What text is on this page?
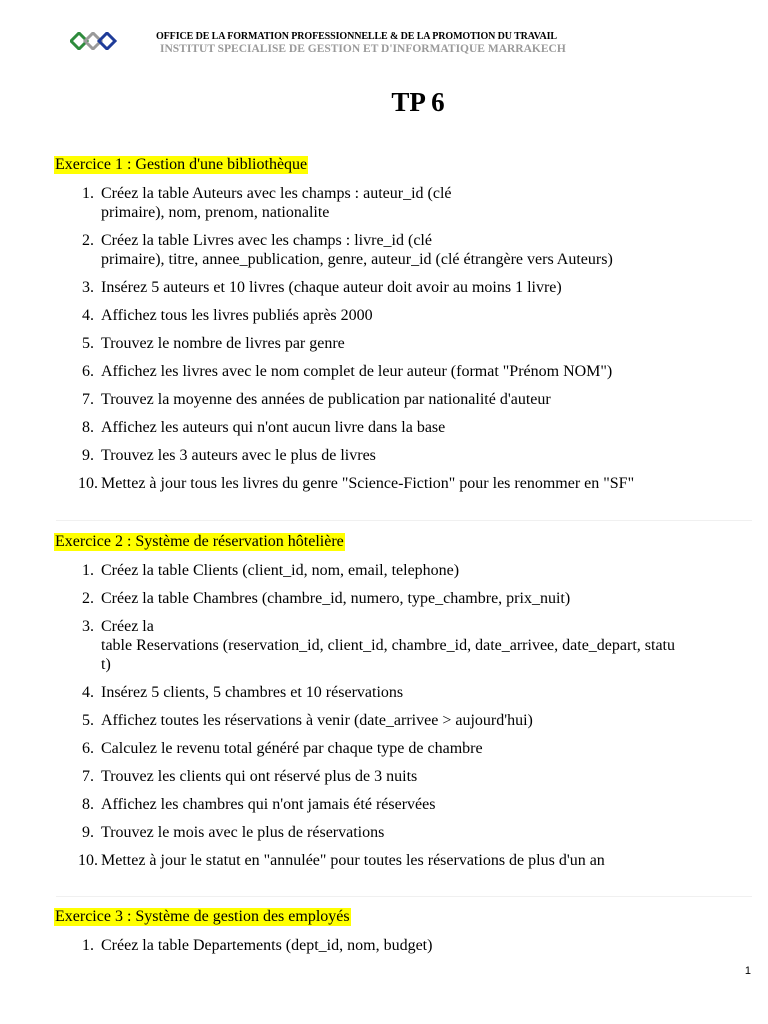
OFFICE DE LA FORMATION PROFESSIONNELLE & DE LA PROMOTION DU TRAVAIL
INSTITUT SPECIALISE DE GESTION ET D'INFORMATIQUE MARRAKECH
TP 6
Exercice 1 : Gestion d'une bibliothèque
1. Créez la table Auteurs avec les champs : auteur_id (clé
primaire), nom, prenom, nationalite
2. Créez la table Livres avec les champs : livre_id (clé
primaire), titre, annee_publication, genre, auteur_id (clé étrangère vers Auteurs)
3. Insérez 5 auteurs et 10 livres (chaque auteur doit avoir au moins 1 livre)
4. Affichez tous les livres publiés après 2000
5. Trouvez le nombre de livres par genre
6. Affichez les livres avec le nom complet de leur auteur (format "Prénom NOM")
7. Trouvez la moyenne des années de publication par nationalité d'auteur
8. Affichez les auteurs qui n'ont aucun livre dans la base
9. Trouvez les 3 auteurs avec le plus de livres
10. Mettez à jour tous les livres du genre "Science-Fiction" pour les renommer en "SF"
Exercice 2 : Système de réservation hôtelière
1. Créez la table Clients (client_id, nom, email, telephone)
2. Créez la table Chambres (chambre_id, numero, type_chambre, prix_nuit)
3. Créez la
table Reservations (reservation_id, client_id, chambre_id, date_arrivee, date_depart, statu
t)
4. Insérez 5 clients, 5 chambres et 10 réservations
5. Affichez toutes les réservations à venir (date_arrivee > aujourd'hui)
6. Calculez le revenu total généré par chaque type de chambre
7. Trouvez les clients qui ont réservé plus de 3 nuits
8. Affichez les chambres qui n'ont jamais été réservées
9. Trouvez le mois avec le plus de réservations
10. Mettez à jour le statut en "annulée" pour toutes les réservations de plus d'un an
Exercice 3 : Système de gestion des employés
1. Créez la table Departements (dept_id, nom, budget)
1
